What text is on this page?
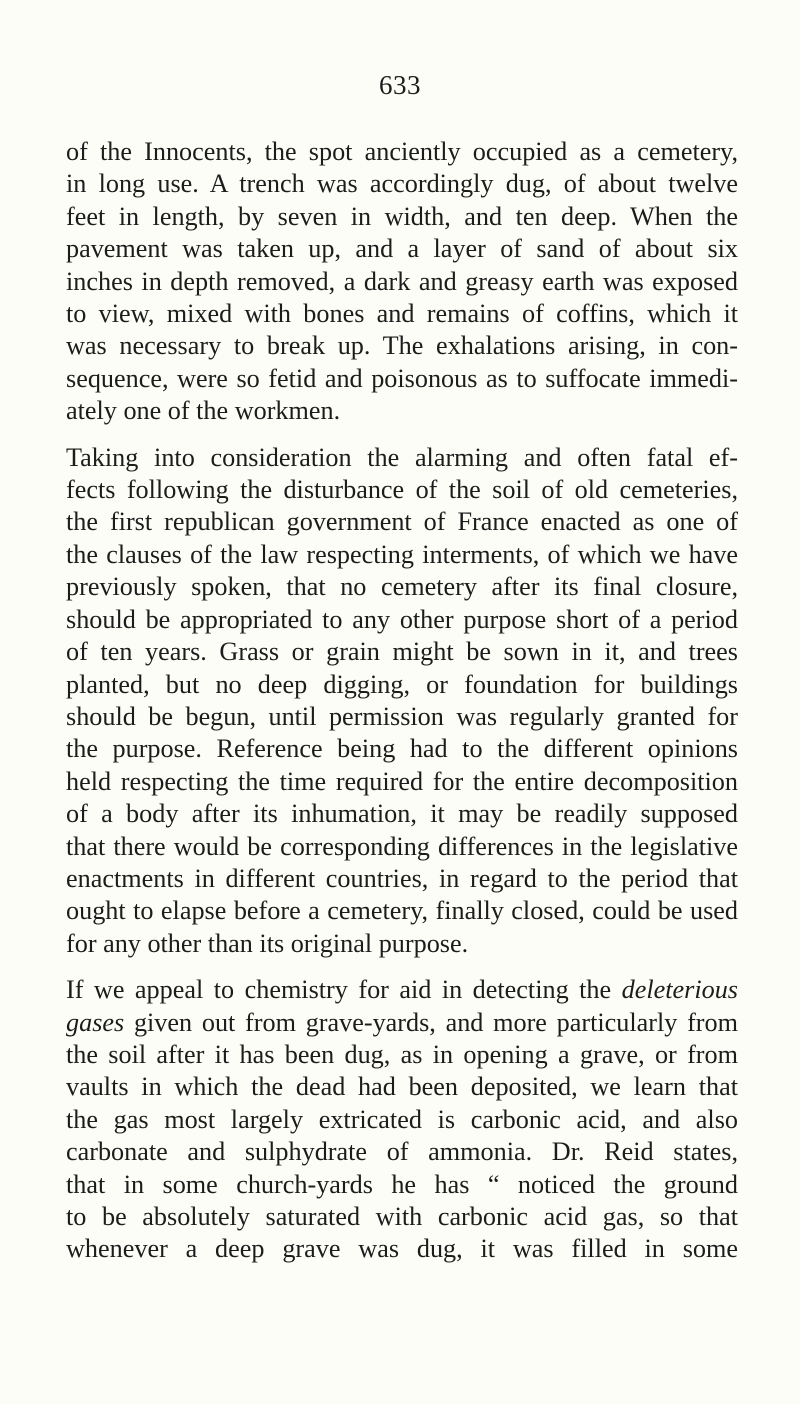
633

of the Innocents, the spot anciently occupied as a cemetery,
in long use. A trench was accordingly dug, of about twelve
feet in length, by seven in width, and ten deep. When the
pavement was taken up, and a layer of sand of about six
inches in depth removed, a dark and greasy earth was exposed
to view, mixed with bones and remains of coffins, which it
was necessary to break up. The exhalations arising, in con-
sequence, were so fetid and poisonous as to suffocate immedi-
ately one of the workmen.

Taking into consideration the alarming and often fatal ef-
fects following the disturbance of the soil of old cemeteries,
the first republican government of France enacted as one of
the clauses of the law respecting interments, of which we have
previously spoken, that no cemetery after its final closure,
should be appropriated to any other purpose short of a period
of ten years. Grass or grain might be sown in it, and trees
planted, but no deep digging, or foundation for buildings
should be begun, until permission was regularly granted for
the purpose. Reference being had to the different opinions
held respecting the time required for the entire decomposition
of a body after its inhumation, it may be readily supposed
that there would be corresponding differences in the legislative
enactments in different countries, in regard to the period that
ought to elapse before a cemetery, finally closed, could be used
for any other than its original purpose.

If we appeal to chemistry for aid in detecting the deleterious
gases given out from grave-yards, and more particularly from
the soil after it has been dug, as in opening a grave, or from
vaults in which the dead had been deposited, we learn that
the gas most largely extricated is carbonic acid, and also
carbonate and sulphydrate of ammonia. Dr. Reid states,
that in some church-yards he has “ noticed the ground
to be absolutely saturated with carbonic acid gas, so that
whenever a deep grave was dug, it was filled in some
